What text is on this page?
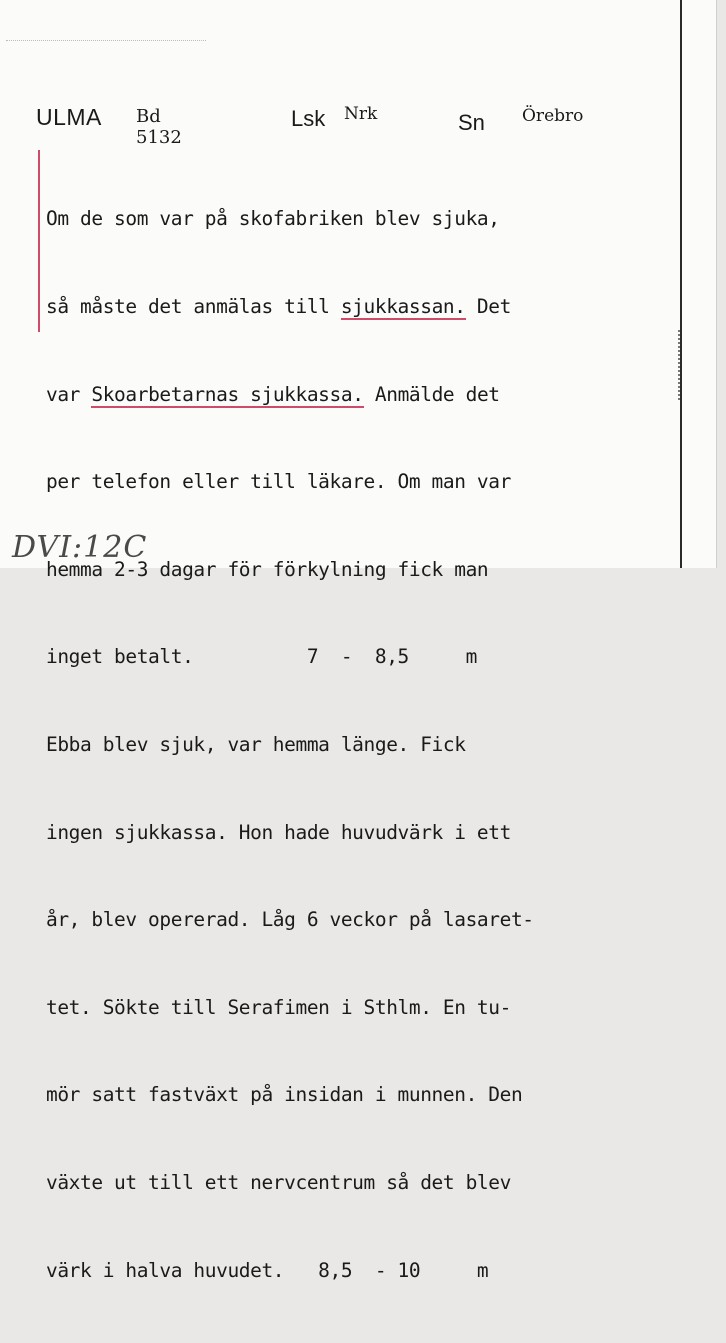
ULMA Bd 5132
Lsk Nrk	Sn Örebro

Om de som var på skofabriken blev sjuka,

så måste det anmälas till sjukkassan. Det

var Skoarbetarnas sjukkassa. Anmälde det

per telefon eller till läkare. Om man var

hemma 2-3 dagar för förkylning fick man

inget betalt.          7  -  8,5     m

Ebba blev sjuk, var hemma länge. Fick

ingen sjukkassa. Hon hade huvudvärk i ett

år, blev opererad. Låg 6 veckor på lasaret-

tet. Sökte till Serafimen i Sthlm. En tu-

mör satt fastväxt på insidan i munnen. Den

växte ut till ett nervcentrum så det blev

värk i halva huvudet.   8,5  - 10     m

DVI:12C
